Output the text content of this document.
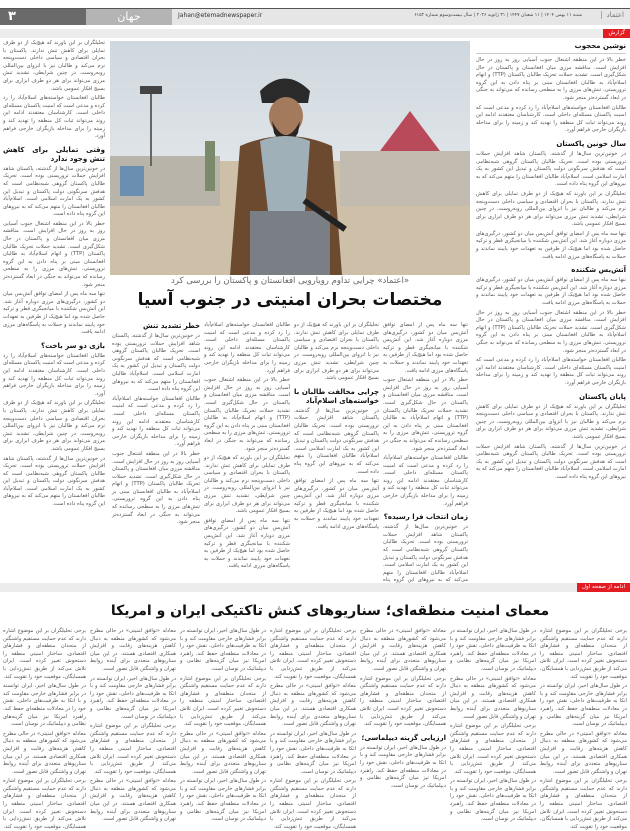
۳	جهان	Jahan@etemadnewspaper.ir	شنبه ۱۱ بهمن ۱۴۰۴ | ۱۱ شعبان ۱۴۴۷ | ۳۱ ژانویه ۲۰۲۶ | سال بیست‌وسوم شماره ۶۱۵۲	اعتماد
گزارش
نوشین محجوب

خطر بالا در این منطقه اشتعال جنوب آسیایی روز به روز در حال افزایش است. مناقشه مرزی میان افغانستان و پاکستان در حال شکل‌گیری است. تشدید حملات تحریک طالبان پاکستان (TTP) و اتهام اسلام‌آباد به طالبان افغانستان مبنی بر پناه دادن به این گروه تروریستی، تنش‌های مرزی را به سطحی رسانده که می‌تواند به جنگی در ابعاد گسترده‌تر منجر شود.

طالبان افغانستان خواسته‌های اسلام‌آباد را رد کرده و مدعی است که امنیت پاکستان مسئله‌ای داخلی است. کارشناسان معتقدند ادامه این روند می‌تواند ثبات کل منطقه را تهدید کند و زمینه را برای مداخله بازیگران خارجی فراهم آورد.

سال خونین پاکستان

در خونین‌ترین سال‌ها از گذشته، پاکستان شاهد افزایش حملات تروریستی بوده است. تحریک طالبان پاکستان گروهی شبه‌نظامی است که هدفش سرنگونی دولت پاکستان و تبدیل این کشور به یک امارت اسلامی است. اسلام‌آباد طالبان افغانستان را متهم می‌کند که به نیروهای این گروه پناه داده است.

تحلیلگران بر این باورند که هیچ‌یک از دو طرف تمایلی برای کاهش تنش ندارند. پاکستان با بحران اقتصادی و سیاسی داخلی دست‌وپنجه نرم می‌کند و طالبان نیز با انزوای بین‌المللی روبه‌روست. در چنین شرایطی، تشدید تنش مرزی می‌تواند برای هر دو طرف ابزاری برای بسیج افکار عمومی باشد.

تنها سه ماه پس از امضای توافق آتش‌بس میان دو کشور، درگیری‌های مرزی دوباره آغاز شد. این آتش‌بس شکننده با میانجیگری قطر و ترکیه حاصل شده بود اما هیچ‌یک از طرفین به تعهدات خود پایبند نماندند و حملات به پاسگاه‌های مرزی ادامه یافت.

آتش‌بس شکننده

تنها سه ماه پس از امضای توافق آتش‌بس میان دو کشور، درگیری‌های مرزی دوباره آغاز شد. این آتش‌بس شکننده با میانجیگری قطر و ترکیه حاصل شده بود اما هیچ‌یک از طرفین به تعهدات خود پایبند نماندند و حملات به پاسگاه‌های مرزی ادامه یافت.

خطر بالا در این منطقه اشتعال جنوب آسیایی روز به روز در حال افزایش است. مناقشه مرزی میان افغانستان و پاکستان در حال شکل‌گیری است. تشدید حملات تحریک طالبان پاکستان (TTP) و اتهام اسلام‌آباد به طالبان افغانستان مبنی بر پناه دادن به این گروه تروریستی، تنش‌های مرزی را به سطحی رسانده که می‌تواند به جنگی در ابعاد گسترده‌تر منجر شود.

طالبان افغانستان خواسته‌های اسلام‌آباد را رد کرده و مدعی است که امنیت پاکستان مسئله‌ای داخلی است. کارشناسان معتقدند ادامه این روند می‌تواند ثبات کل منطقه را تهدید کند و زمینه را برای مداخله بازیگران خارجی فراهم آورد.

پایان پاکستان

تحلیلگران بر این باورند که هیچ‌یک از دو طرف تمایلی برای کاهش تنش ندارند. پاکستان با بحران اقتصادی و سیاسی داخلی دست‌وپنجه نرم می‌کند و طالبان نیز با انزوای بین‌المللی روبه‌روست. در چنین شرایطی، تشدید تنش مرزی می‌تواند برای هر دو طرف ابزاری برای بسیج افکار عمومی باشد.

در خونین‌ترین سال‌ها از گذشته، پاکستان شاهد افزایش حملات تروریستی بوده است. تحریک طالبان پاکستان گروهی شبه‌نظامی است که هدفش سرنگونی دولت پاکستان و تبدیل این کشور به یک امارت اسلامی است. اسلام‌آباد طالبان افغانستان را متهم می‌کند که به نیروهای این گروه پناه داده است.

«اعتماد» چرایی تداوم رویارویی افغانستان و پاکستان را بررسی کرد
مختصات بحران امنیتی در جنوب آسیا

تحلیلگران بر این باورند که هیچ‌یک از دو طرف تمایلی برای کاهش تنش ندارند. پاکستان با بحران اقتصادی و سیاسی داخلی دست‌وپنجه نرم می‌کند و طالبان نیز با انزوای بین‌المللی روبه‌روست. در چنین شرایطی، تشدید تنش مرزی می‌تواند برای هر دو طرف ابزاری برای بسیج افکار عمومی باشد.

طالبان افغانستان خواسته‌های اسلام‌آباد را رد کرده و مدعی است که امنیت پاکستان مسئله‌ای داخلی است. کارشناسان معتقدند ادامه این روند می‌تواند ثبات کل منطقه را تهدید کند و زمینه را برای مداخله بازیگران خارجی فراهم آورد.

وقتی تمایلی برای کاهش تنش وجود ندارد

در خونین‌ترین سال‌ها از گذشته، پاکستان شاهد افزایش حملات تروریستی بوده است. تحریک طالبان پاکستان گروهی شبه‌نظامی است که هدفش سرنگونی دولت پاکستان و تبدیل این کشور به یک امارت اسلامی است. اسلام‌آباد طالبان افغانستان را متهم می‌کند که به نیروهای این گروه پناه داده است.

خطر بالا در این منطقه اشتعال جنوب آسیایی روز به روز در حال افزایش است. مناقشه مرزی میان افغانستان و پاکستان در حال شکل‌گیری است. تشدید حملات تحریک طالبان پاکستان (TTP) و اتهام اسلام‌آباد به طالبان افغانستان مبنی بر پناه دادن به این گروه تروریستی، تنش‌های مرزی را به سطحی رسانده که می‌تواند به جنگی در ابعاد گسترده‌تر منجر شود.

تنها سه ماه پس از امضای توافق آتش‌بس میان دو کشور، درگیری‌های مرزی دوباره آغاز شد. این آتش‌بس شکننده با میانجیگری قطر و ترکیه حاصل شده بود اما هیچ‌یک از طرفین به تعهدات خود پایبند نماندند و حملات به پاسگاه‌های مرزی ادامه یافت.

بازی دو سر باخت؟

طالبان افغانستان خواسته‌های اسلام‌آباد را رد کرده و مدعی است که امنیت پاکستان مسئله‌ای داخلی است. کارشناسان معتقدند ادامه این روند می‌تواند ثبات کل منطقه را تهدید کند و زمینه را برای مداخله بازیگران خارجی فراهم آورد.

تحلیلگران بر این باورند که هیچ‌یک از دو طرف تمایلی برای کاهش تنش ندارند. پاکستان با بحران اقتصادی و سیاسی داخلی دست‌وپنجه نرم می‌کند و طالبان نیز با انزوای بین‌المللی روبه‌روست. در چنین شرایطی، تشدید تنش مرزی می‌تواند برای هر دو طرف ابزاری برای بسیج افکار عمومی باشد.

در خونین‌ترین سال‌ها از گذشته، پاکستان شاهد افزایش حملات تروریستی بوده است. تحریک طالبان پاکستان گروهی شبه‌نظامی است که هدفش سرنگونی دولت پاکستان و تبدیل این کشور به یک امارت اسلامی است. اسلام‌آباد طالبان افغانستان را متهم می‌کند که به نیروهای این گروه پناه داده است.

تنها سه ماه پس از امضای توافق آتش‌بس میان دو کشور، درگیری‌های مرزی دوباره آغاز شد. این آتش‌بس شکننده با میانجیگری قطر و ترکیه حاصل شده بود اما هیچ‌یک از طرفین به تعهدات خود پایبند نماندند و حملات به پاسگاه‌های مرزی ادامه یافت.

خطر بالا در این منطقه اشتعال جنوب آسیایی روز به روز در حال افزایش است. مناقشه مرزی میان افغانستان و پاکستان در حال شکل‌گیری است. تشدید حملات تحریک طالبان پاکستان (TTP) و اتهام اسلام‌آباد به طالبان افغانستان مبنی بر پناه دادن به این گروه تروریستی، تنش‌های مرزی را به سطحی رسانده که می‌تواند به جنگی در ابعاد گسترده‌تر منجر شود.

طالبان افغانستان خواسته‌های اسلام‌آباد را رد کرده و مدعی است که امنیت پاکستان مسئله‌ای داخلی است. کارشناسان معتقدند ادامه این روند می‌تواند ثبات کل منطقه را تهدید کند و زمینه را برای مداخله بازیگران خارجی فراهم آورد.

زمان انتخاب فرا رسیده؟

در خونین‌ترین سال‌ها از گذشته، پاکستان شاهد افزایش حملات تروریستی بوده است. تحریک طالبان پاکستان گروهی شبه‌نظامی است که هدفش سرنگونی دولت پاکستان و تبدیل این کشور به یک امارت اسلامی است. اسلام‌آباد طالبان افغانستان را متهم می‌کند که به نیروهای این گروه پناه

تحلیلگران بر این باورند که هیچ‌یک از دو طرف تمایلی برای کاهش تنش ندارند. پاکستان با بحران اقتصادی و سیاسی داخلی دست‌وپنجه نرم می‌کند و طالبان نیز با انزوای بین‌المللی روبه‌روست. در چنین شرایطی، تشدید تنش مرزی می‌تواند برای هر دو طرف ابزاری برای بسیج افکار عمومی باشد.

چرایی مخالفت طالبان با خواسته‌های اسلام‌آباد

در خونین‌ترین سال‌ها از گذشته، پاکستان شاهد افزایش حملات تروریستی بوده است. تحریک طالبان پاکستان گروهی شبه‌نظامی است که هدفش سرنگونی دولت پاکستان و تبدیل این کشور به یک امارت اسلامی است. اسلام‌آباد طالبان افغانستان را متهم می‌کند که به نیروهای این گروه پناه داده است.

تنها سه ماه پس از امضای توافق آتش‌بس میان دو کشور، درگیری‌های مرزی دوباره آغاز شد. این آتش‌بس شکننده با میانجیگری قطر و ترکیه حاصل شده بود اما هیچ‌یک از طرفین به تعهدات خود پایبند نماندند و حملات به پاسگاه‌های مرزی ادامه یافت.

طالبان افغانستان خواسته‌های اسلام‌آباد را رد کرده و مدعی است که امنیت پاکستان مسئله‌ای داخلی است. کارشناسان معتقدند ادامه این روند می‌تواند ثبات کل منطقه را تهدید کند و زمینه را برای مداخله بازیگران خارجی فراهم آورد.

خطر بالا در این منطقه اشتعال جنوب آسیایی روز به روز در حال افزایش است. مناقشه مرزی میان افغانستان و پاکستان در حال شکل‌گیری است. تشدید حملات تحریک طالبان پاکستان (TTP) و اتهام اسلام‌آباد به طالبان افغانستان مبنی بر پناه دادن به این گروه تروریستی، تنش‌های مرزی را به سطحی رسانده که می‌تواند به جنگی در ابعاد گسترده‌تر منجر شود.

تحلیلگران بر این باورند که هیچ‌یک از دو طرف تمایلی برای کاهش تنش ندارند. پاکستان با بحران اقتصادی و سیاسی داخلی دست‌وپنجه نرم می‌کند و طالبان نیز با انزوای بین‌المللی روبه‌روست. در چنین شرایطی، تشدید تنش مرزی می‌تواند برای هر دو طرف ابزاری برای بسیج افکار عمومی باشد.

تنها سه ماه پس از امضای توافق آتش‌بس میان دو کشور، درگیری‌های مرزی دوباره آغاز شد. این آتش‌بس شکننده با میانجیگری قطر و ترکیه حاصل شده بود اما هیچ‌یک از طرفین به تعهدات خود پایبند نماندند و حملات به پاسگاه‌های مرزی ادامه یافت.

خطر تشدید تنش

در خونین‌ترین سال‌ها از گذشته، پاکستان شاهد افزایش حملات تروریستی بوده است. تحریک طالبان پاکستان گروهی شبه‌نظامی است که هدفش سرنگونی دولت پاکستان و تبدیل این کشور به یک امارت اسلامی است. اسلام‌آباد طالبان افغانستان را متهم می‌کند که به نیروهای این گروه پناه داده است.

طالبان افغانستان خواسته‌های اسلام‌آباد را رد کرده و مدعی است که امنیت پاکستان مسئله‌ای داخلی است. کارشناسان معتقدند ادامه این روند می‌تواند ثبات کل منطقه را تهدید کند و زمینه را برای مداخله بازیگران خارجی فراهم آورد.

خطر بالا در این منطقه اشتعال جنوب آسیایی روز به روز در حال افزایش است. مناقشه مرزی میان افغانستان و پاکستان در حال شکل‌گیری است. تشدید حملات تحریک طالبان پاکستان (TTP) و اتهام اسلام‌آباد به طالبان افغانستان مبنی بر پناه دادن به این گروه تروریستی، تنش‌های مرزی را به سطحی رسانده که می‌تواند به جنگی در ابعاد گسترده‌تر منجر شود.

ادامه از صفحه اول
معمای امنیت منطقه‌ای؛ سناریوهای کنش تاکتیکی ایران و امریکا

برخی تحلیلگران بر این موضوع اشاره دارند که عدم حمایت مستقیم واشنگتن از متحدان منطقه‌ای و فشارهای اقتصادی، ساختار امنیتی منطقه را دستخوش تغییر کرده است. ایران تلاش می‌کند از طریق تنش‌زدایی با همسایگان، موقعیت خود را تقویت کند.

در طول سال‌های اخیر، ایران توانسته در برابر فشارهای خارجی مقاومت کند و با اتکا به ظرفیت‌های داخلی، نقش خود را در معادلات منطقه‌ای حفظ کند. راهبرد امریکا نیز میان گزینه‌های نظامی و دیپلماتیک در نوسان است.

معادله «توافق امنیتی» در حالی مطرح می‌شود که کشورهای منطقه به دنبال کاهش هزینه‌های رقابت و افزایش همکاری اقتصادی هستند. در این میان سناریوهای متعددی برای آینده روابط تهران و واشنگتن قابل تصور است.

برخی تحلیلگران بر این موضوع اشاره دارند که عدم حمایت مستقیم واشنگتن از متحدان منطقه‌ای و فشارهای اقتصادی، ساختار امنیتی منطقه را دستخوش تغییر کرده است. ایران تلاش می‌کند از طریق تنش‌زدایی با همسایگان، موقعیت خود را تقویت کند.

در طول سال‌های اخیر، ایران توانسته در برابر فشارهای خارجی مقاومت کند و با اتکا به ظرفیت‌های داخلی، نقش خود را در معادلات منطقه‌ای حفظ کند. راهبرد امریکا نیز میان گزینه‌های نظامی و دیپلماتیک در نوسان است.

معادله «توافق امنیتی» در حالی مطرح می‌شود که کشورهای منطقه به دنبال کاهش هزینه‌های رقابت و افزایش همکاری اقتصادی هستند. در این میان سناریوهای متعددی برای آینده روابط تهران و واشنگتن قابل تصور است.

برخی تحلیلگران بر این موضوع اشاره دارند که عدم حمایت مستقیم واشنگتن از متحدان منطقه‌ای و فشارهای اقتصادی، ساختار امنیتی منطقه را دستخوش تغییر کرده است. ایران تلاش می‌کند از طریق تنش‌زدایی با همسایگان، موقعیت خود را تقویت کند.

در طول سال‌های اخیر، ایران توانسته در برابر فشارهای خارجی مقاومت کند و با اتکا به ظرفیت‌های داخلی، نقش خود را در معادلات منطقه‌ای حفظ کند. راهبرد امریکا نیز میان گزینه‌های نظامی و دیپلماتیک در نوسان است.

معادله «توافق امنیتی» در حالی مطرح می‌شود که کشورهای منطقه به دنبال کاهش هزینه‌های رقابت و افزایش همکاری اقتصادی هستند. در این میان سناریوهای متعددی برای آینده روابط تهران و واشنگتن قابل تصور است.

برخی تحلیلگران بر این موضوع اشاره دارند که عدم حمایت مستقیم واشنگتن از متحدان منطقه‌ای و فشارهای اقتصادی، ساختار امنیتی منطقه را دستخوش تغییر کرده است. ایران تلاش می‌کند از طریق تنش‌زدایی با همسایگان، موقعیت خود را تقویت کند.

ارزیابی گزینه دیپلماسی؛

در طول سال‌های اخیر، ایران توانسته در برابر فشارهای خارجی مقاومت کند و با اتکا به ظرفیت‌های داخلی، نقش خود را در معادلات منطقه‌ای حفظ کند. راهبرد امریکا نیز میان گزینه‌های نظامی و دیپلماتیک در نوسان است.

برخی تحلیلگران بر این موضوع اشاره دارند که عدم حمایت مستقیم واشنگتن از متحدان منطقه‌ای و فشارهای اقتصادی، ساختار امنیتی منطقه را دستخوش تغییر کرده است. ایران تلاش می‌کند از طریق تنش‌زدایی با همسایگان، موقعیت خود را تقویت کند.

معادله «توافق امنیتی» در حالی مطرح می‌شود که کشورهای منطقه به دنبال کاهش هزینه‌های رقابت و افزایش همکاری اقتصادی هستند. در این میان سناریوهای متعددی برای آینده روابط تهران و واشنگتن قابل تصور است.

در طول سال‌های اخیر، ایران توانسته در برابر فشارهای خارجی مقاومت کند و با اتکا به ظرفیت‌های داخلی، نقش خود را در معادلات منطقه‌ای حفظ کند. راهبرد امریکا نیز میان گزینه‌های نظامی و دیپلماتیک در نوسان است.

برخی تحلیلگران بر این موضوع اشاره دارند که عدم حمایت مستقیم واشنگتن از متحدان منطقه‌ای و فشارهای اقتصادی، ساختار امنیتی منطقه را دستخوش تغییر کرده است. ایران تلاش می‌کند از طریق تنش‌زدایی با همسایگان، موقعیت خود را تقویت کند.

در طول سال‌های اخیر، ایران توانسته در برابر فشارهای خارجی مقاومت کند و با اتکا به ظرفیت‌های داخلی، نقش خود را در معادلات منطقه‌ای حفظ کند. راهبرد امریکا نیز میان گزینه‌های نظامی و دیپلماتیک در نوسان است.

برخی تحلیلگران بر این موضوع اشاره دارند که عدم حمایت مستقیم واشنگتن از متحدان منطقه‌ای و فشارهای اقتصادی، ساختار امنیتی منطقه را دستخوش تغییر کرده است. ایران تلاش می‌کند از طریق تنش‌زدایی با همسایگان، موقعیت خود را تقویت کند.

معادله «توافق امنیتی» در حالی مطرح می‌شود که کشورهای منطقه به دنبال کاهش هزینه‌های رقابت و افزایش همکاری اقتصادی هستند. در این میان سناریوهای متعددی برای آینده روابط تهران و واشنگتن قابل تصور است.

در طول سال‌های اخیر، ایران توانسته در برابر فشارهای خارجی مقاومت کند و با اتکا به ظرفیت‌های داخلی، نقش خود را در معادلات منطقه‌ای حفظ کند. راهبرد امریکا نیز میان گزینه‌های نظامی و دیپلماتیک در نوسان است.

معادله «توافق امنیتی» در حالی مطرح می‌شود که کشورهای منطقه به دنبال کاهش هزینه‌های رقابت و افزایش همکاری اقتصادی هستند. در این میان سناریوهای متعددی برای آینده روابط تهران و واشنگتن قابل تصور است.

در طول سال‌های اخیر، ایران توانسته در برابر فشارهای خارجی مقاومت کند و با اتکا به ظرفیت‌های داخلی، نقش خود را در معادلات منطقه‌ای حفظ کند. راهبرد امریکا نیز میان گزینه‌های نظامی و دیپلماتیک در نوسان است.

برخی تحلیلگران بر این موضوع اشاره دارند که عدم حمایت مستقیم واشنگتن از متحدان منطقه‌ای و فشارهای اقتصادی، ساختار امنیتی منطقه را دستخوش تغییر کرده است. ایران تلاش می‌کند از طریق تنش‌زدایی با همسایگان، موقعیت خود را تقویت کند.

معادله «توافق امنیتی» در حالی مطرح می‌شود که کشورهای منطقه به دنبال کاهش هزینه‌های رقابت و افزایش همکاری اقتصادی هستند. در این میان سناریوهای متعددی برای آینده روابط تهران و واشنگتن قابل تصور است.

برخی تحلیلگران بر این موضوع اشاره دارند که عدم حمایت مستقیم واشنگتن از متحدان منطقه‌ای و فشارهای اقتصادی، ساختار امنیتی منطقه را دستخوش تغییر کرده است. ایران تلاش می‌کند از طریق تنش‌زدایی با همسایگان، موقعیت خود را تقویت کند.

در طول سال‌های اخیر، ایران توانسته در برابر فشارهای خارجی مقاومت کند و با اتکا به ظرفیت‌های داخلی، نقش خود را در معادلات منطقه‌ای حفظ کند. راهبرد امریکا نیز میان گزینه‌های نظامی و دیپلماتیک در نوسان است.

معادله «توافق امنیتی» در حالی مطرح می‌شود که کشورهای منطقه به دنبال کاهش هزینه‌های رقابت و افزایش همکاری اقتصادی هستند. در این میان سناریوهای متعددی برای آینده روابط تهران و واشنگتن قابل تصور است.

برخی تحلیلگران بر این موضوع اشاره دارند که عدم حمایت مستقیم واشنگتن از متحدان منطقه‌ای و فشارهای اقتصادی، ساختار امنیتی منطقه را دستخوش تغییر کرده است. ایران تلاش می‌کند از طریق تنش‌زدایی با همسایگان، موقعیت خود را تقویت کند.
